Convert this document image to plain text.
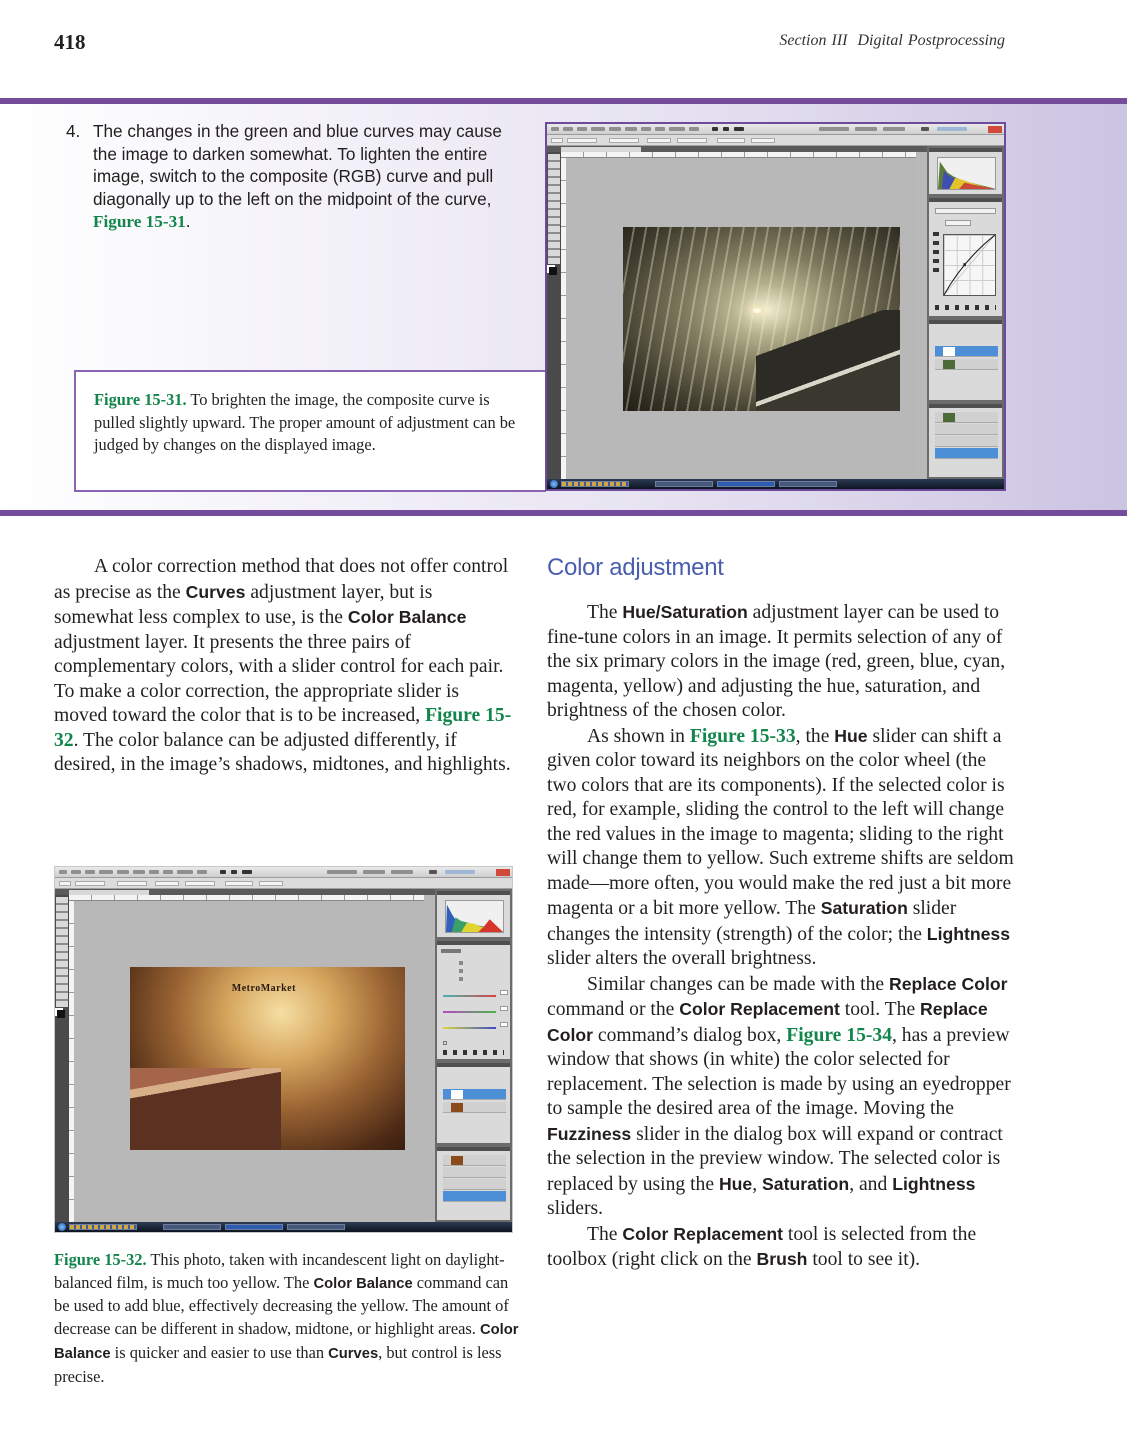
418	Section III Digital Postprocessing
4. The changes in the green and blue curves may cause the image to darken somewhat. To lighten the entire image, switch to the composite (RGB) curve and pull diagonally up to the left on the midpoint of the curve, Figure 15-31.
Figure 15-31. To brighten the image, the composite curve is pulled slightly upward. The proper amount of adjustment can be judged by changes on the displayed image.

A color correction method that does not offer control as precise as the Curves adjustment layer, but is somewhat less complex to use, is the Color Balance adjustment layer. It presents the three pairs of complementary colors, with a slider control for each pair. To make a color correction, the appropriate slider is moved toward the color that is to be increased, Figure 15-32. The color balance can be adjusted differently, if desired, in the image’s shadows, midtones, and highlights.

MetroMarket
Figure 15-32. This photo, taken with incandescent light on daylight-balanced film, is much too yellow. The Color Balance command can be used to add blue, effectively decreasing the yellow. The amount of decrease can be different in shadow, midtone, or highlight areas. Color Balance is quicker and easier to use than Curves, but control is less precise.
Color adjustment

The Hue/Saturation adjustment layer can be used to fine-tune colors in an image. It permits selection of any of the six primary colors in the image (red, green, blue, cyan, magenta, yellow) and adjusting the hue, saturation, and brightness of the chosen color.

As shown in Figure 15-33, the Hue slider can shift a given color toward its neighbors on the color wheel (the two colors that are its components). If the selected color is red, for example, sliding the control to the left will change the red values in the image to magenta; sliding to the right will change them to yellow. Such extreme shifts are seldom made—more often, you would make the red just a bit more magenta or a bit more yellow. The Saturation slider changes the intensity (strength) of the color; the Lightness slider alters the overall brightness.

Similar changes can be made with the Replace Color command or the Color Replacement tool. The Replace Color command’s dialog box, Figure 15-34, has a preview window that shows (in white) the color selected for replacement. The selection is made by using an eyedropper to sample the desired area of the image. Moving the Fuzziness slider in the dialog box will expand or contract the selection in the preview window. The selected color is replaced by using the Hue, Saturation, and Lightness sliders.

The Color Replacement tool is selected from the toolbox (right click on the Brush tool to see it).
